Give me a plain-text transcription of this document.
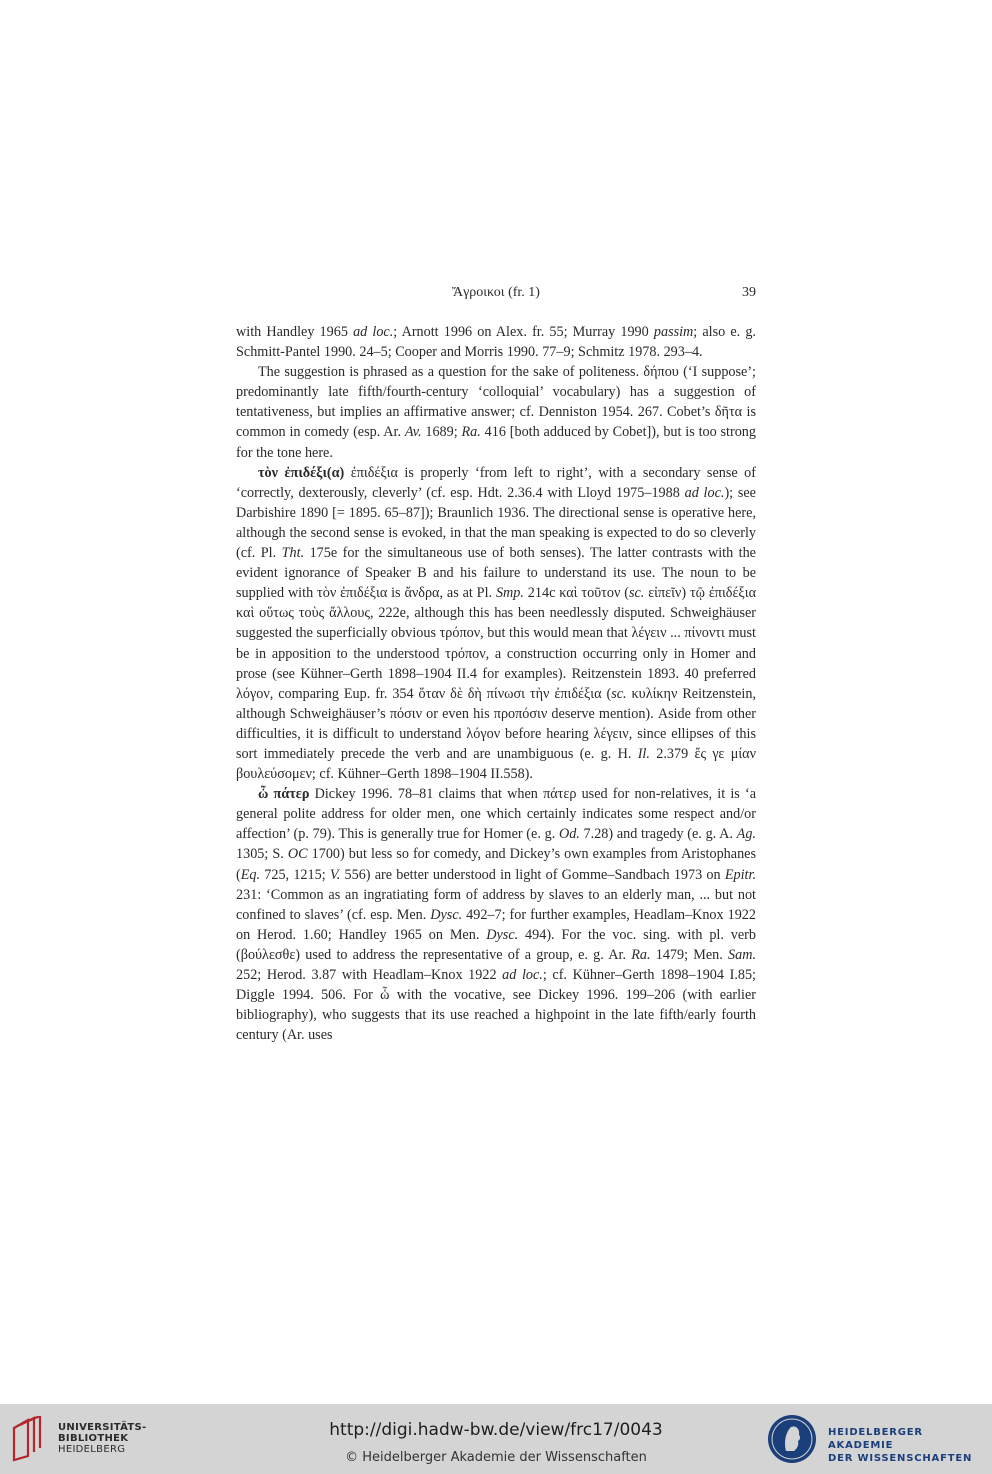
Ἄγροικοι (fr. 1)	39

with Handley 1965 ad loc.; Arnott 1996 on Alex. fr. 55; Murray 1990 passim; also e. g. Schmitt-Pantel 1990. 24–5; Cooper and Morris 1990. 77–9; Schmitz 1978. 293–4.

The suggestion is phrased as a question for the sake of politeness. δήπου (‘I suppose’; predominantly late fifth/fourth-century ‘colloquial’ vocabulary) has a suggestion of tentativeness, but implies an affirmative answer; cf. Denniston 1954. 267. Cobet’s δῆτα is common in comedy (esp. Ar. Av. 1689; Ra. 416 [both adduced by Cobet]), but is too strong for the tone here.

τὸν ἐπιδέξι(α) ἐπιδέξια is properly ‘from left to right’, with a secondary sense of ‘correctly, dexterously, cleverly’ (cf. esp. Hdt. 2.36.4 with Lloyd 1975–1988 ad loc.); see Darbishire 1890 [= 1895. 65–87]); Braunlich 1936. The directional sense is operative here, although the second sense is evoked, in that the man speaking is expected to do so cleverly (cf. Pl. Tht. 175e for the simultaneous use of both senses). The latter contrasts with the evident ignorance of Speaker B and his failure to understand its use. The noun to be supplied with τὸν ἐπιδέξια is ἄνδρα, as at Pl. Smp. 214c καὶ τοῦτον (sc. εἰπεῖν) τῷ ἐπιδέξια καὶ οὕτως τοὺς ἄλλους, 222e, although this has been needlessly disputed. Schweighäuser suggested the superficially obvious τρόπον, but this would mean that λέγειν ... πίνοντι must be in apposition to the understood τρόπον, a construction occurring only in Homer and prose (see Kühner–Gerth 1898–1904 II.4 for examples). Reitzenstein 1893. 40 preferred λόγον, comparing Eup. fr. 354 ὅταν δὲ δὴ πίνωσι τὴν ἐπιδέξια (sc. κυλίκην Reitzenstein, although Schweighäuser’s πόσιν or even his προπόσιν deserve mention). Aside from other difficulties, it is difficult to understand λόγον before hearing λέγειν, since ellipses of this sort immediately precede the verb and are unambiguous (e. g. H. Il. 2.379 ἔς γε μίαν βουλεύσομεν; cf. Kühner–Gerth 1898–1904 II.558).

ὦ πάτερ Dickey 1996. 78–81 claims that when πάτερ used for non-relatives, it is ‘a general polite address for older men, one which certainly indicates some respect and/or affection’ (p. 79). This is generally true for Homer (e. g. Od. 7.28) and tragedy (e. g. A. Ag. 1305; S. OC 1700) but less so for comedy, and Dickey’s own examples from Aristophanes (Eq. 725, 1215; V. 556) are better understood in light of Gomme–Sandbach 1973 on Epitr. 231: ‘Common as an ingratiating form of address by slaves to an elderly man, ... but not confined to slaves’ (cf. esp. Men. Dysc. 492–7; for further examples, Headlam–Knox 1922 on Herod. 1.60; Handley 1965 on Men. Dysc. 494). For the voc. sing. with pl. verb (βούλεσθε) used to address the representative of a group, e. g. Ar. Ra. 1479; Men. Sam. 252; Herod. 3.87 with Headlam–Knox 1922 ad loc.; cf. Kühner–Gerth 1898–1904 I.85; Diggle 1994. 506. For ὦ with the vocative, see Dickey 1996. 199–206 (with earlier bibliography), who suggests that its use reached a highpoint in the late fifth/early fourth century (Ar. uses

UNIVERSITÄTS-
BIBLIOTHEK
HEIDELBERG
http://digi.hadw-bw.de/view/frc17/0043
© Heidelberger Akademie der Wissenschaften
HEIDELBERGER AKADEMIE
DER WISSENSCHAFTEN
